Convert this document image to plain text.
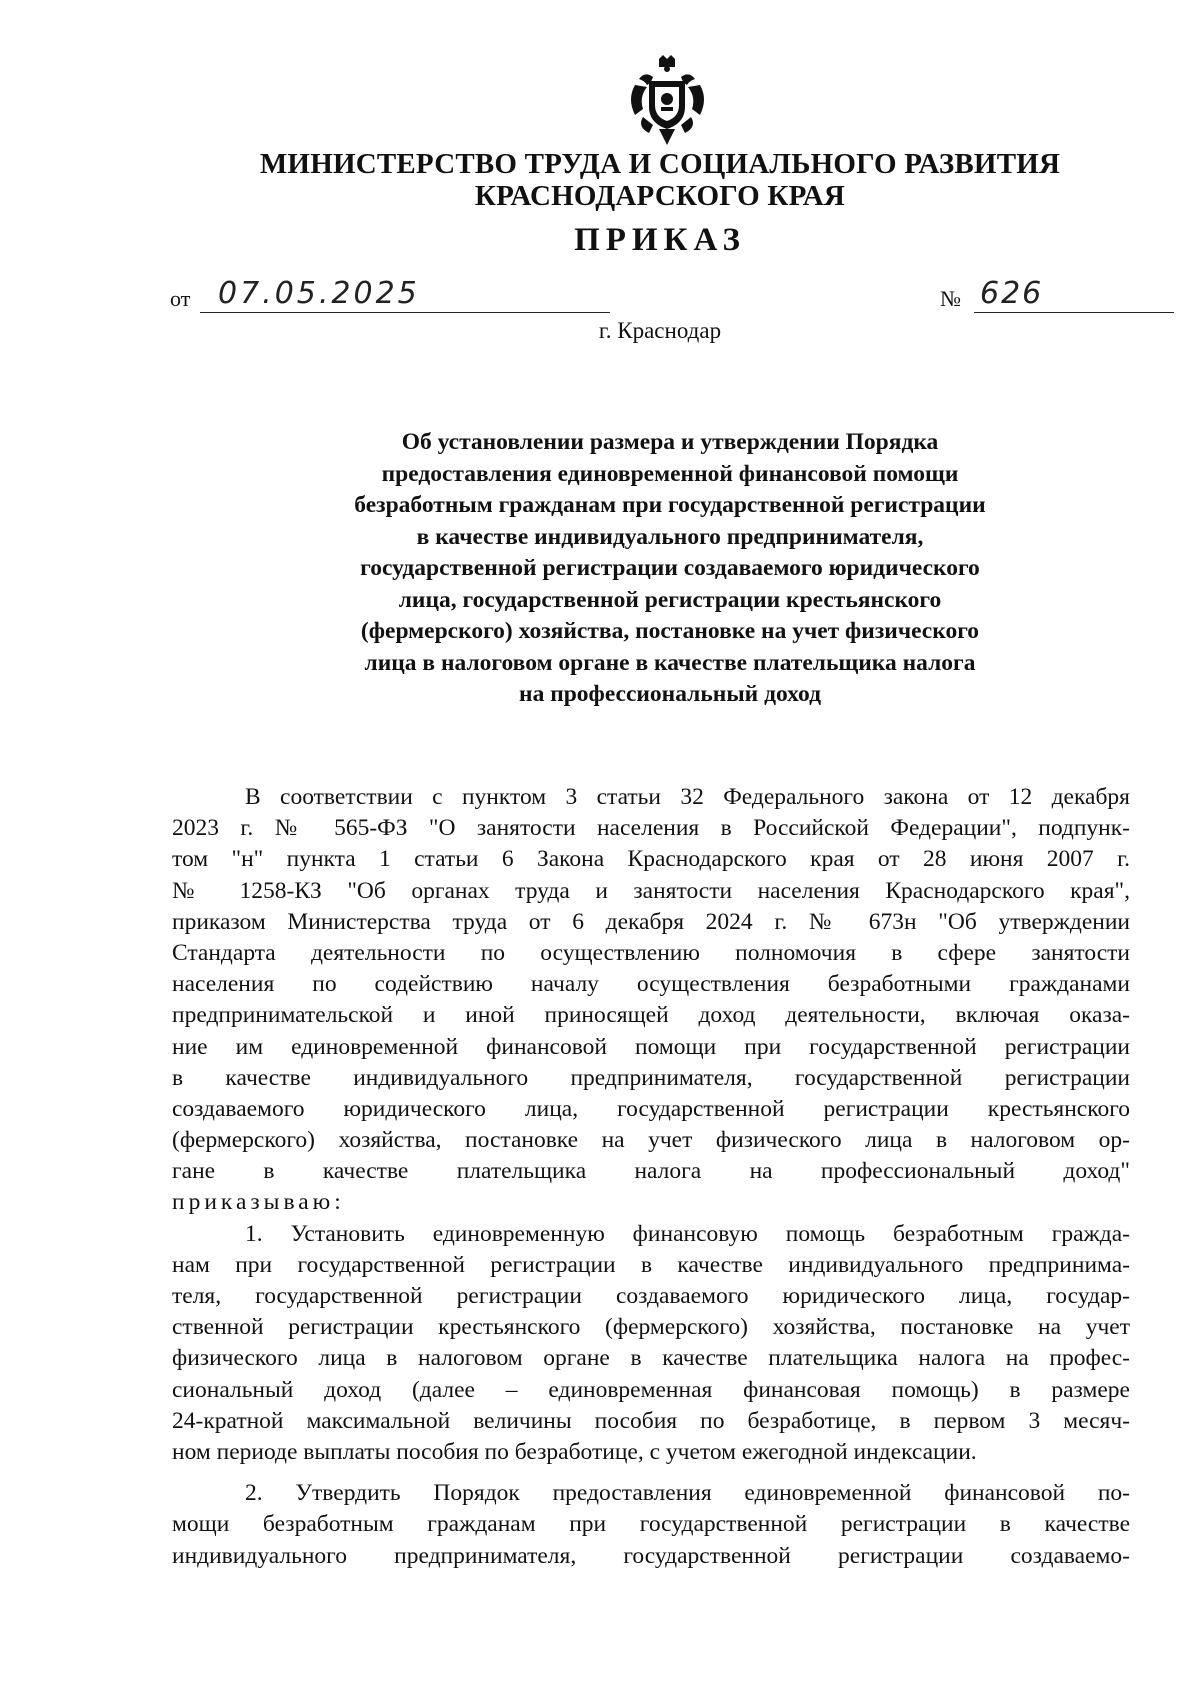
МИНИСТЕРСТВО ТРУДА И СОЦИАЛЬНОГО РАЗВИТИЯ
КРАСНОДАРСКОГО КРАЯ
ПРИКАЗ
от 07.05.2025	№ 626
г. Краснодар
Об установлении размера и утверждении Порядка
предоставления единовременной финансовой помощи
безработным гражданам при государственной регистрации
в качестве индивидуального предпринимателя,
государственной регистрации создаваемого юридического
лица, государственной регистрации крестьянского
(фермерского) хозяйства, постановке на учет физического
лица в налоговом органе в качестве плательщика налога
на профессиональный доход
В соответствии с пунктом 3 статьи 32 Федерального закона от 12 декабря
2023 г. № 565-ФЗ "О занятости населения в Российской Федерации", подпунк-
том "н" пункта 1 статьи 6 Закона Краснодарского края от 28 июня 2007 г.
№ 1258-КЗ "Об органах труда и занятости населения Краснодарского края",
приказом Министерства труда от 6 декабря 2024 г. № 673н "Об утверждении
Стандарта деятельности по осуществлению полномочия в сфере занятости
населения по содействию началу осуществления безработными гражданами
предпринимательской и иной приносящей доход деятельности, включая оказа-
ние им единовременной финансовой помощи при государственной регистрации
в качестве индивидуального предпринимателя, государственной регистрации
создаваемого юридического лица, государственной регистрации крестьянского
(фермерского) хозяйства, постановке на учет физического лица в налоговом ор-
гане в качестве плательщика налога на профессиональный доход"
приказываю:
1. Установить единовременную финансовую помощь безработным гражда-
нам при государственной регистрации в качестве индивидуального предпринима-
теля, государственной регистрации создаваемого юридического лица, государ-
ственной регистрации крестьянского (фермерского) хозяйства, постановке на учет
физического лица в налоговом органе в качестве плательщика налога на профес-
сиональный доход (далее – единовременная финансовая помощь) в размере
24-кратной максимальной величины пособия по безработице, в первом 3 месяч-
ном периоде выплаты пособия по безработице, с учетом ежегодной индексации.
2. Утвердить Порядок предоставления единовременной финансовой по-
мощи безработным гражданам при государственной регистрации в качестве
индивидуального предпринимателя, государственной регистрации создаваемо-
